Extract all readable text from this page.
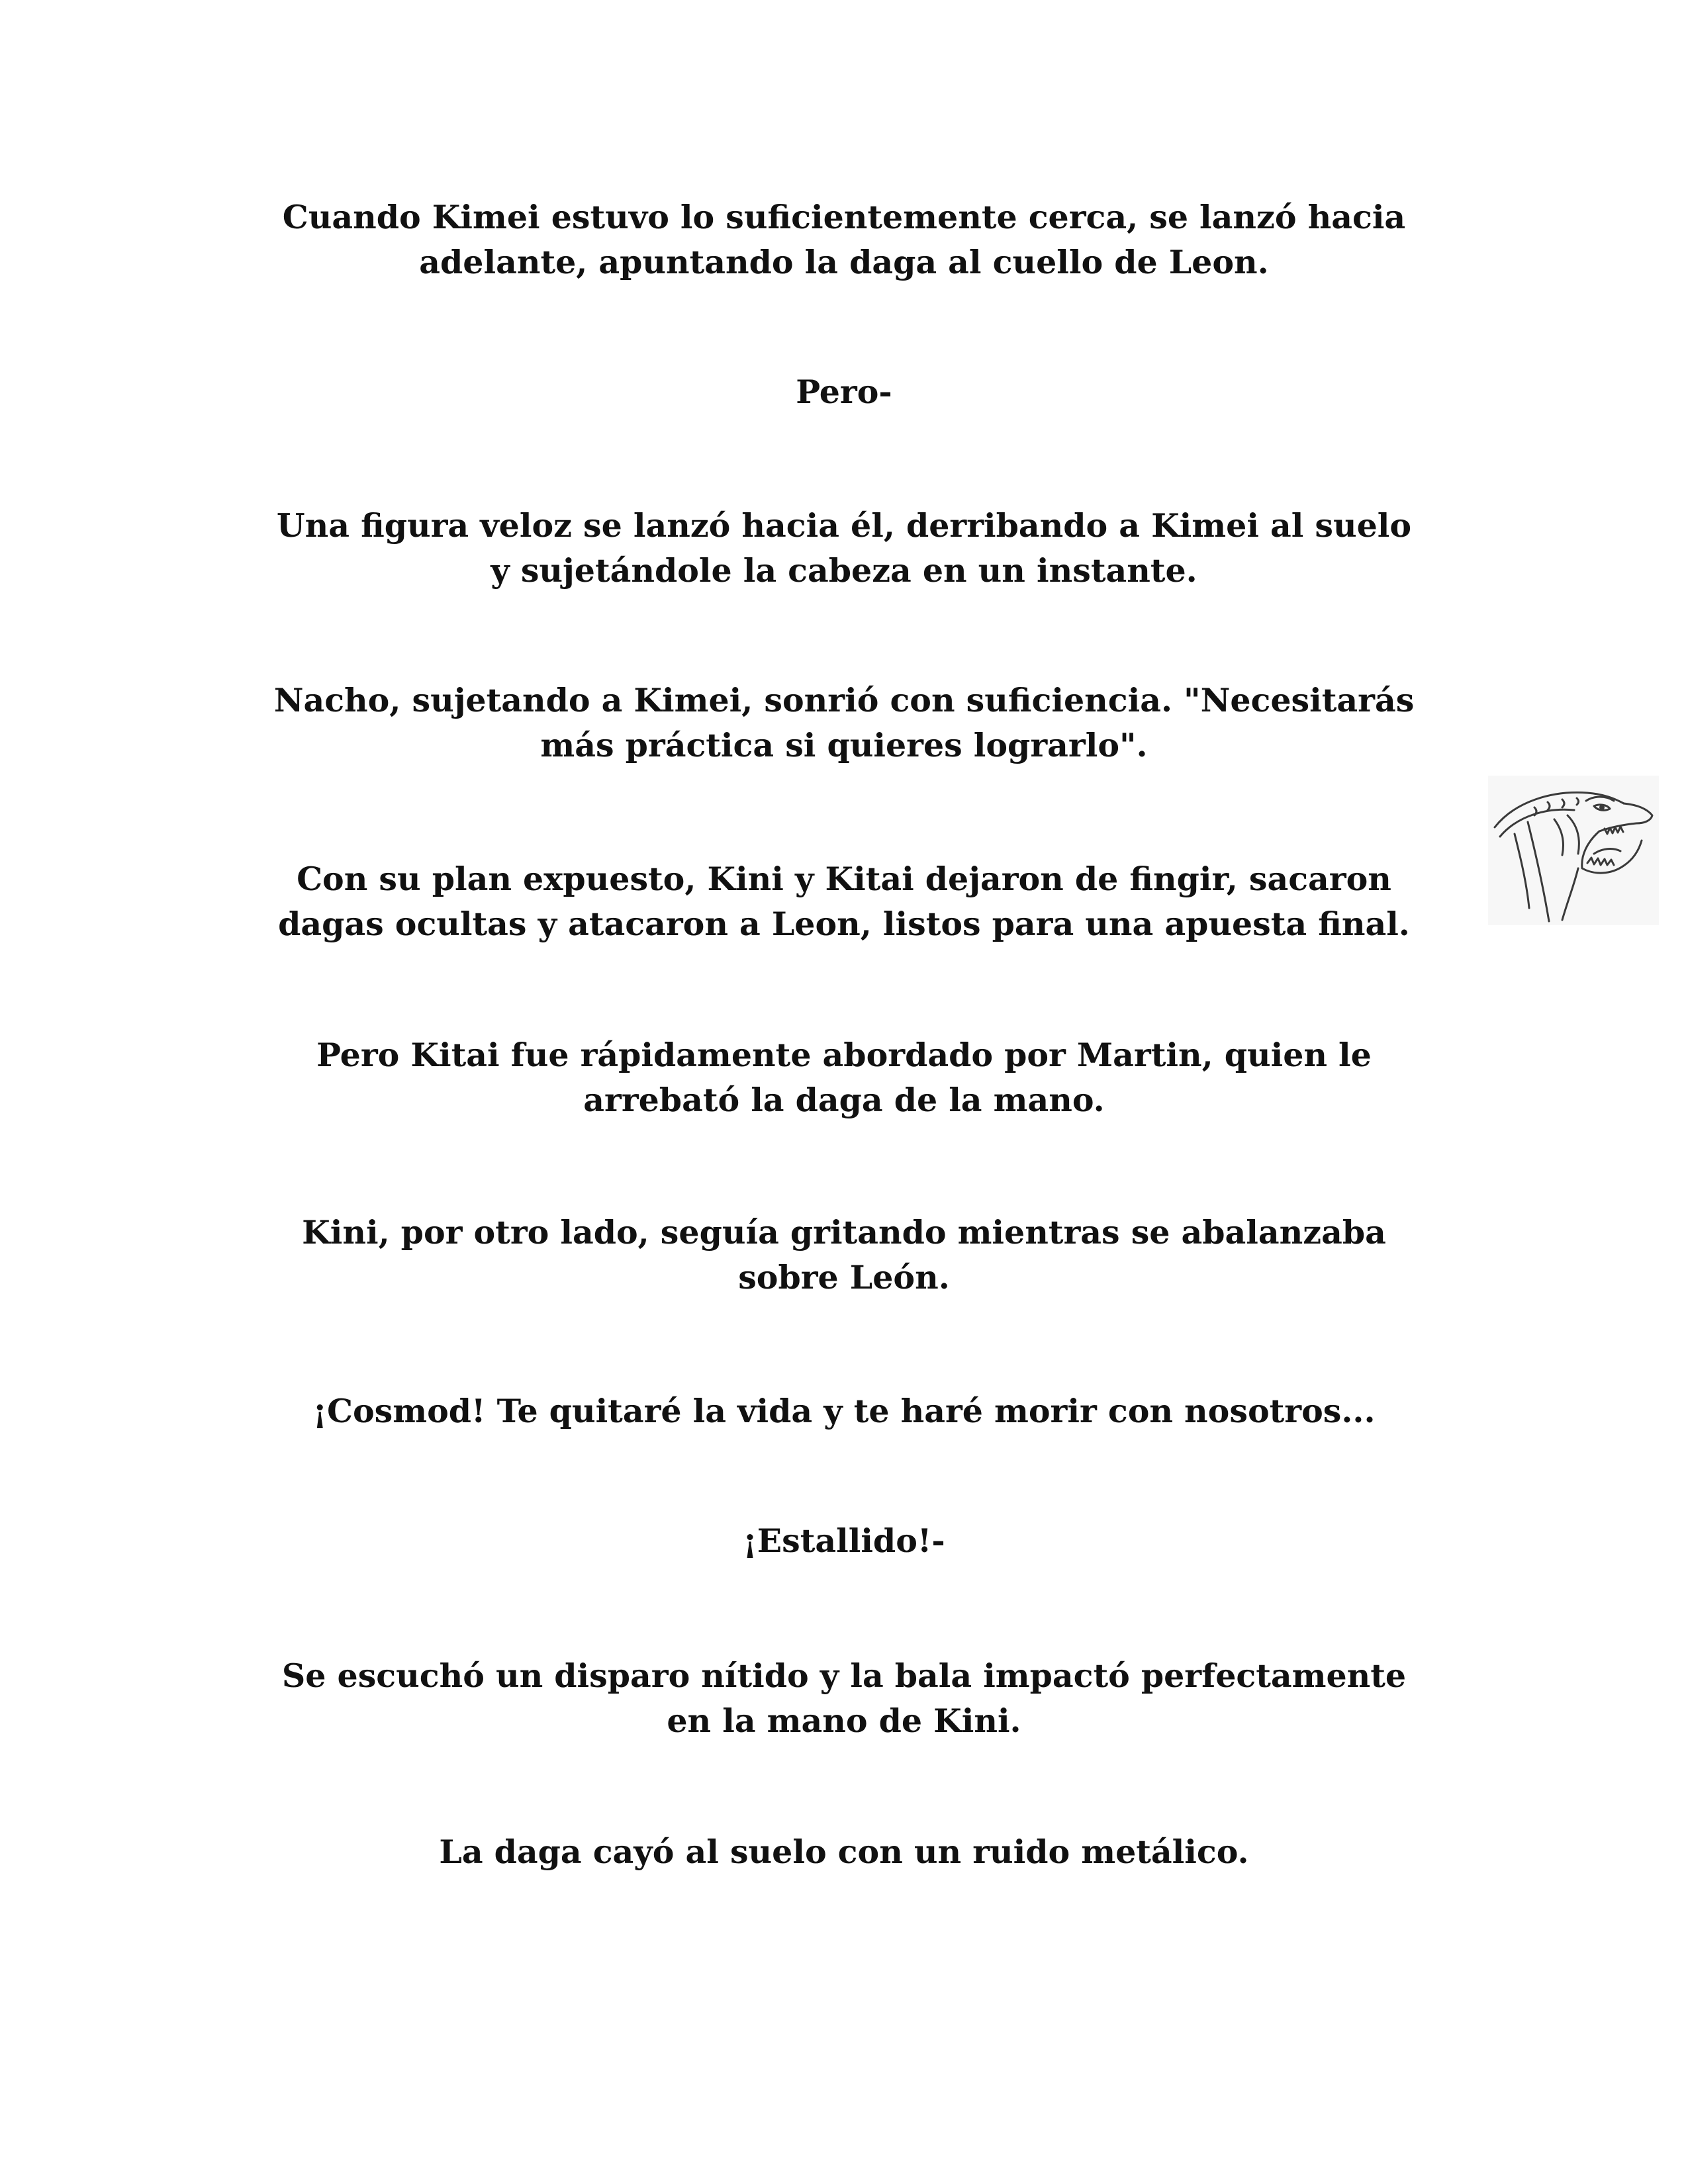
Cuando Kimei estuvo lo suficientemente cerca, se lanzó hacia
adelante, apuntando la daga al cuello de Leon.

Pero-

Una figura veloz se lanzó hacia él, derribando a Kimei al suelo
y sujetándole la cabeza en un instante.

Nacho, sujetando a Kimei, sonrió con suficiencia. "Necesitarás
más práctica si quieres lograrlo".

Con su plan expuesto, Kini y Kitai dejaron de fingir, sacaron
dagas ocultas y atacaron a Leon, listos para una apuesta final.

Pero Kitai fue rápidamente abordado por Martin, quien le
arrebató la daga de la mano.

Kini, por otro lado, seguía gritando mientras se abalanzaba
sobre León.

¡Cosmod! Te quitaré la vida y te haré morir con nosotros...

¡Estallido!-

Se escuchó un disparo nítido y la bala impactó perfectamente
en la mano de Kini.

La daga cayó al suelo con un ruido metálico.
